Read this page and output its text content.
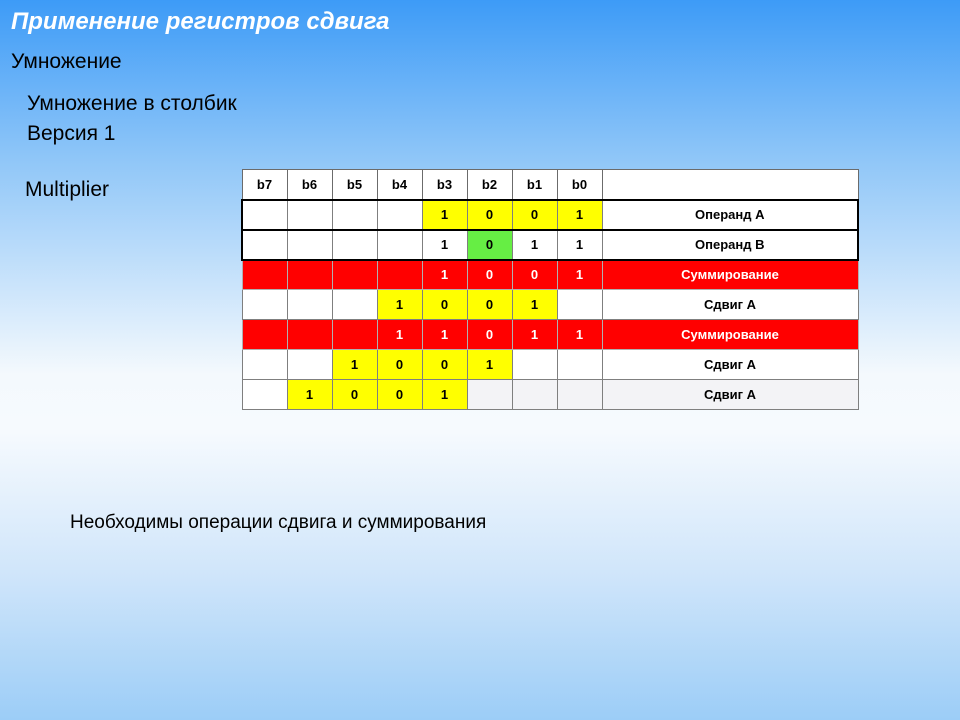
Применение регистров сдвига
Умножение
Умножение в столбик
Версия 1
Multiplier	b7	b6	b5	b4	b3	b2	b1	b0	
				1	0	0	1	Операнд A
				1	0	1	1	Операнд B
				1	0	0	1	Суммирование
			1	0	0	1		Сдвиг A
			1	1	0	1	1	Суммирование
		1	0	0	1			Сдвиг A
	1	0	0	1				Сдвиг A
Необходимы операции сдвига и суммирования
